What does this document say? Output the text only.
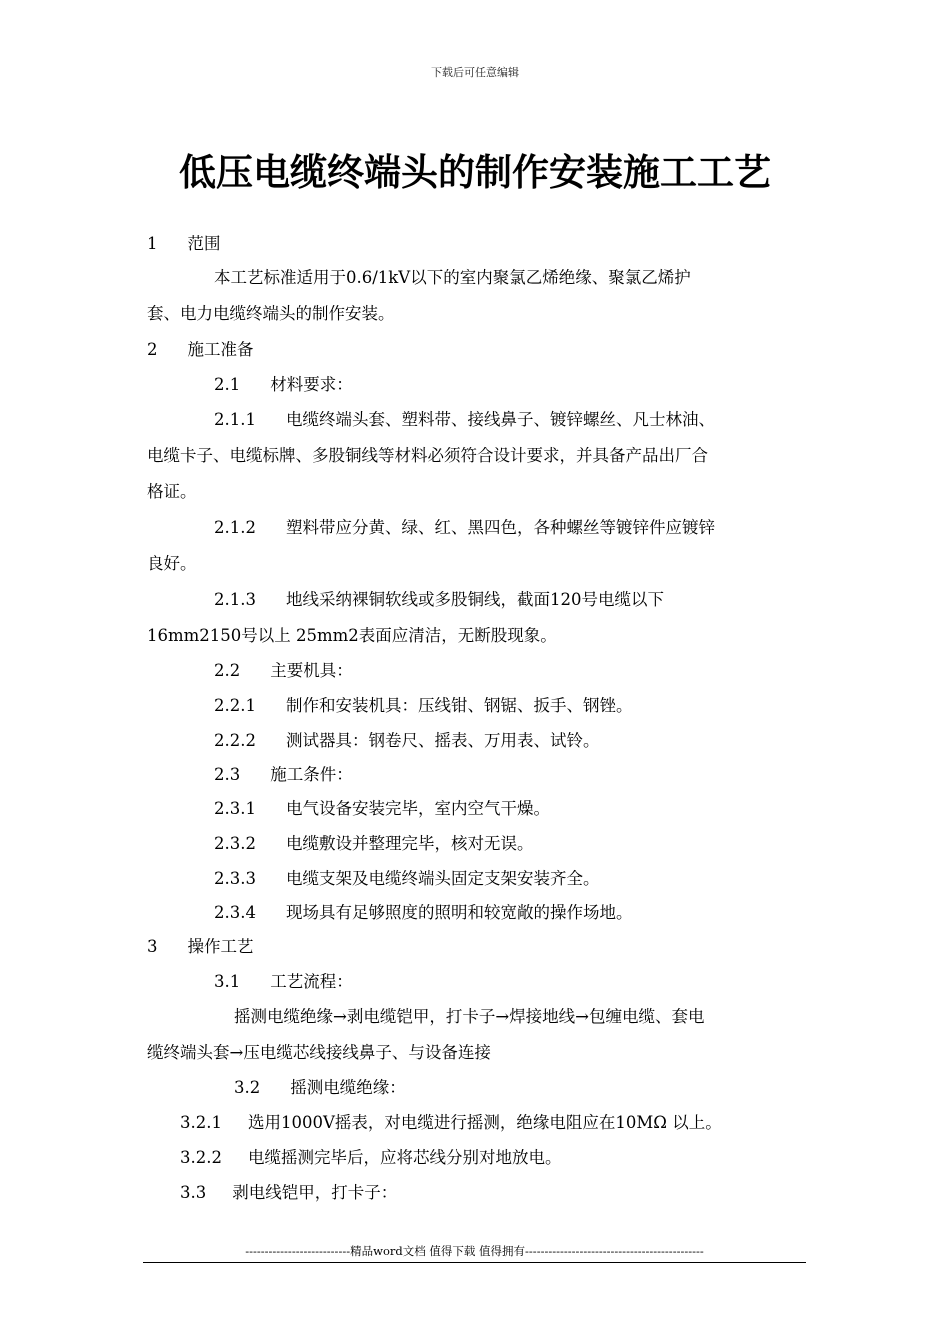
下载后可任意编辑
低压电缆终端头的制作安装施工工艺
1 范围
本工艺标准适用于0.6/1kV以下的室内聚氯乙烯绝缘、聚氯乙烯护
套、电力电缆终端头的制作安装。
2 施工准备
2.1 材料要求：
2.1.1 电缆终端头套、塑料带、接线鼻子、镀锌螺丝、凡士林油、
电缆卡子、电缆标牌、多股铜线等材料必须符合设计要求，并具备产品出厂合
格证。
2.1.2 塑料带应分黄、绿、红、黑四色，各种螺丝等镀锌件应镀锌
良好。
2.1.3 地线采纳裸铜软线或多股铜线，截面120号电缆以下
16mm2150号以上 25mm2表面应清洁，无断股现象。
2.2 主要机具：
2.2.1 制作和安装机具：压线钳、钢锯、扳手、钢锉。
2.2.2 测试器具：钢卷尺、摇表、万用表、试铃。
2.3 施工条件：
2.3.1 电气设备安装完毕，室内空气干燥。
2.3.2 电缆敷设并整理完毕，核对无误。
2.3.3 电缆支架及电缆终端头固定支架安装齐全。
2.3.4 现场具有足够照度的照明和较宽敞的操作场地。
3 操作工艺
3.1 工艺流程：
摇测电缆绝缘→剥电缆铠甲，打卡子→焊接地线→包缠电缆、套电
缆终端头套→压电缆芯线接线鼻子、与设备连接
3.2 摇测电缆绝缘：
3.2.1 选用1000V摇表，对电缆进行摇测，绝缘电阻应在10MΩ 以上。
3.2.2 电缆摇测完毕后，应将芯线分别对地放电。
3.3 剥电线铠甲，打卡子：
---------------------------精品word文档 值得下载 值得拥有----------------------------------------------
